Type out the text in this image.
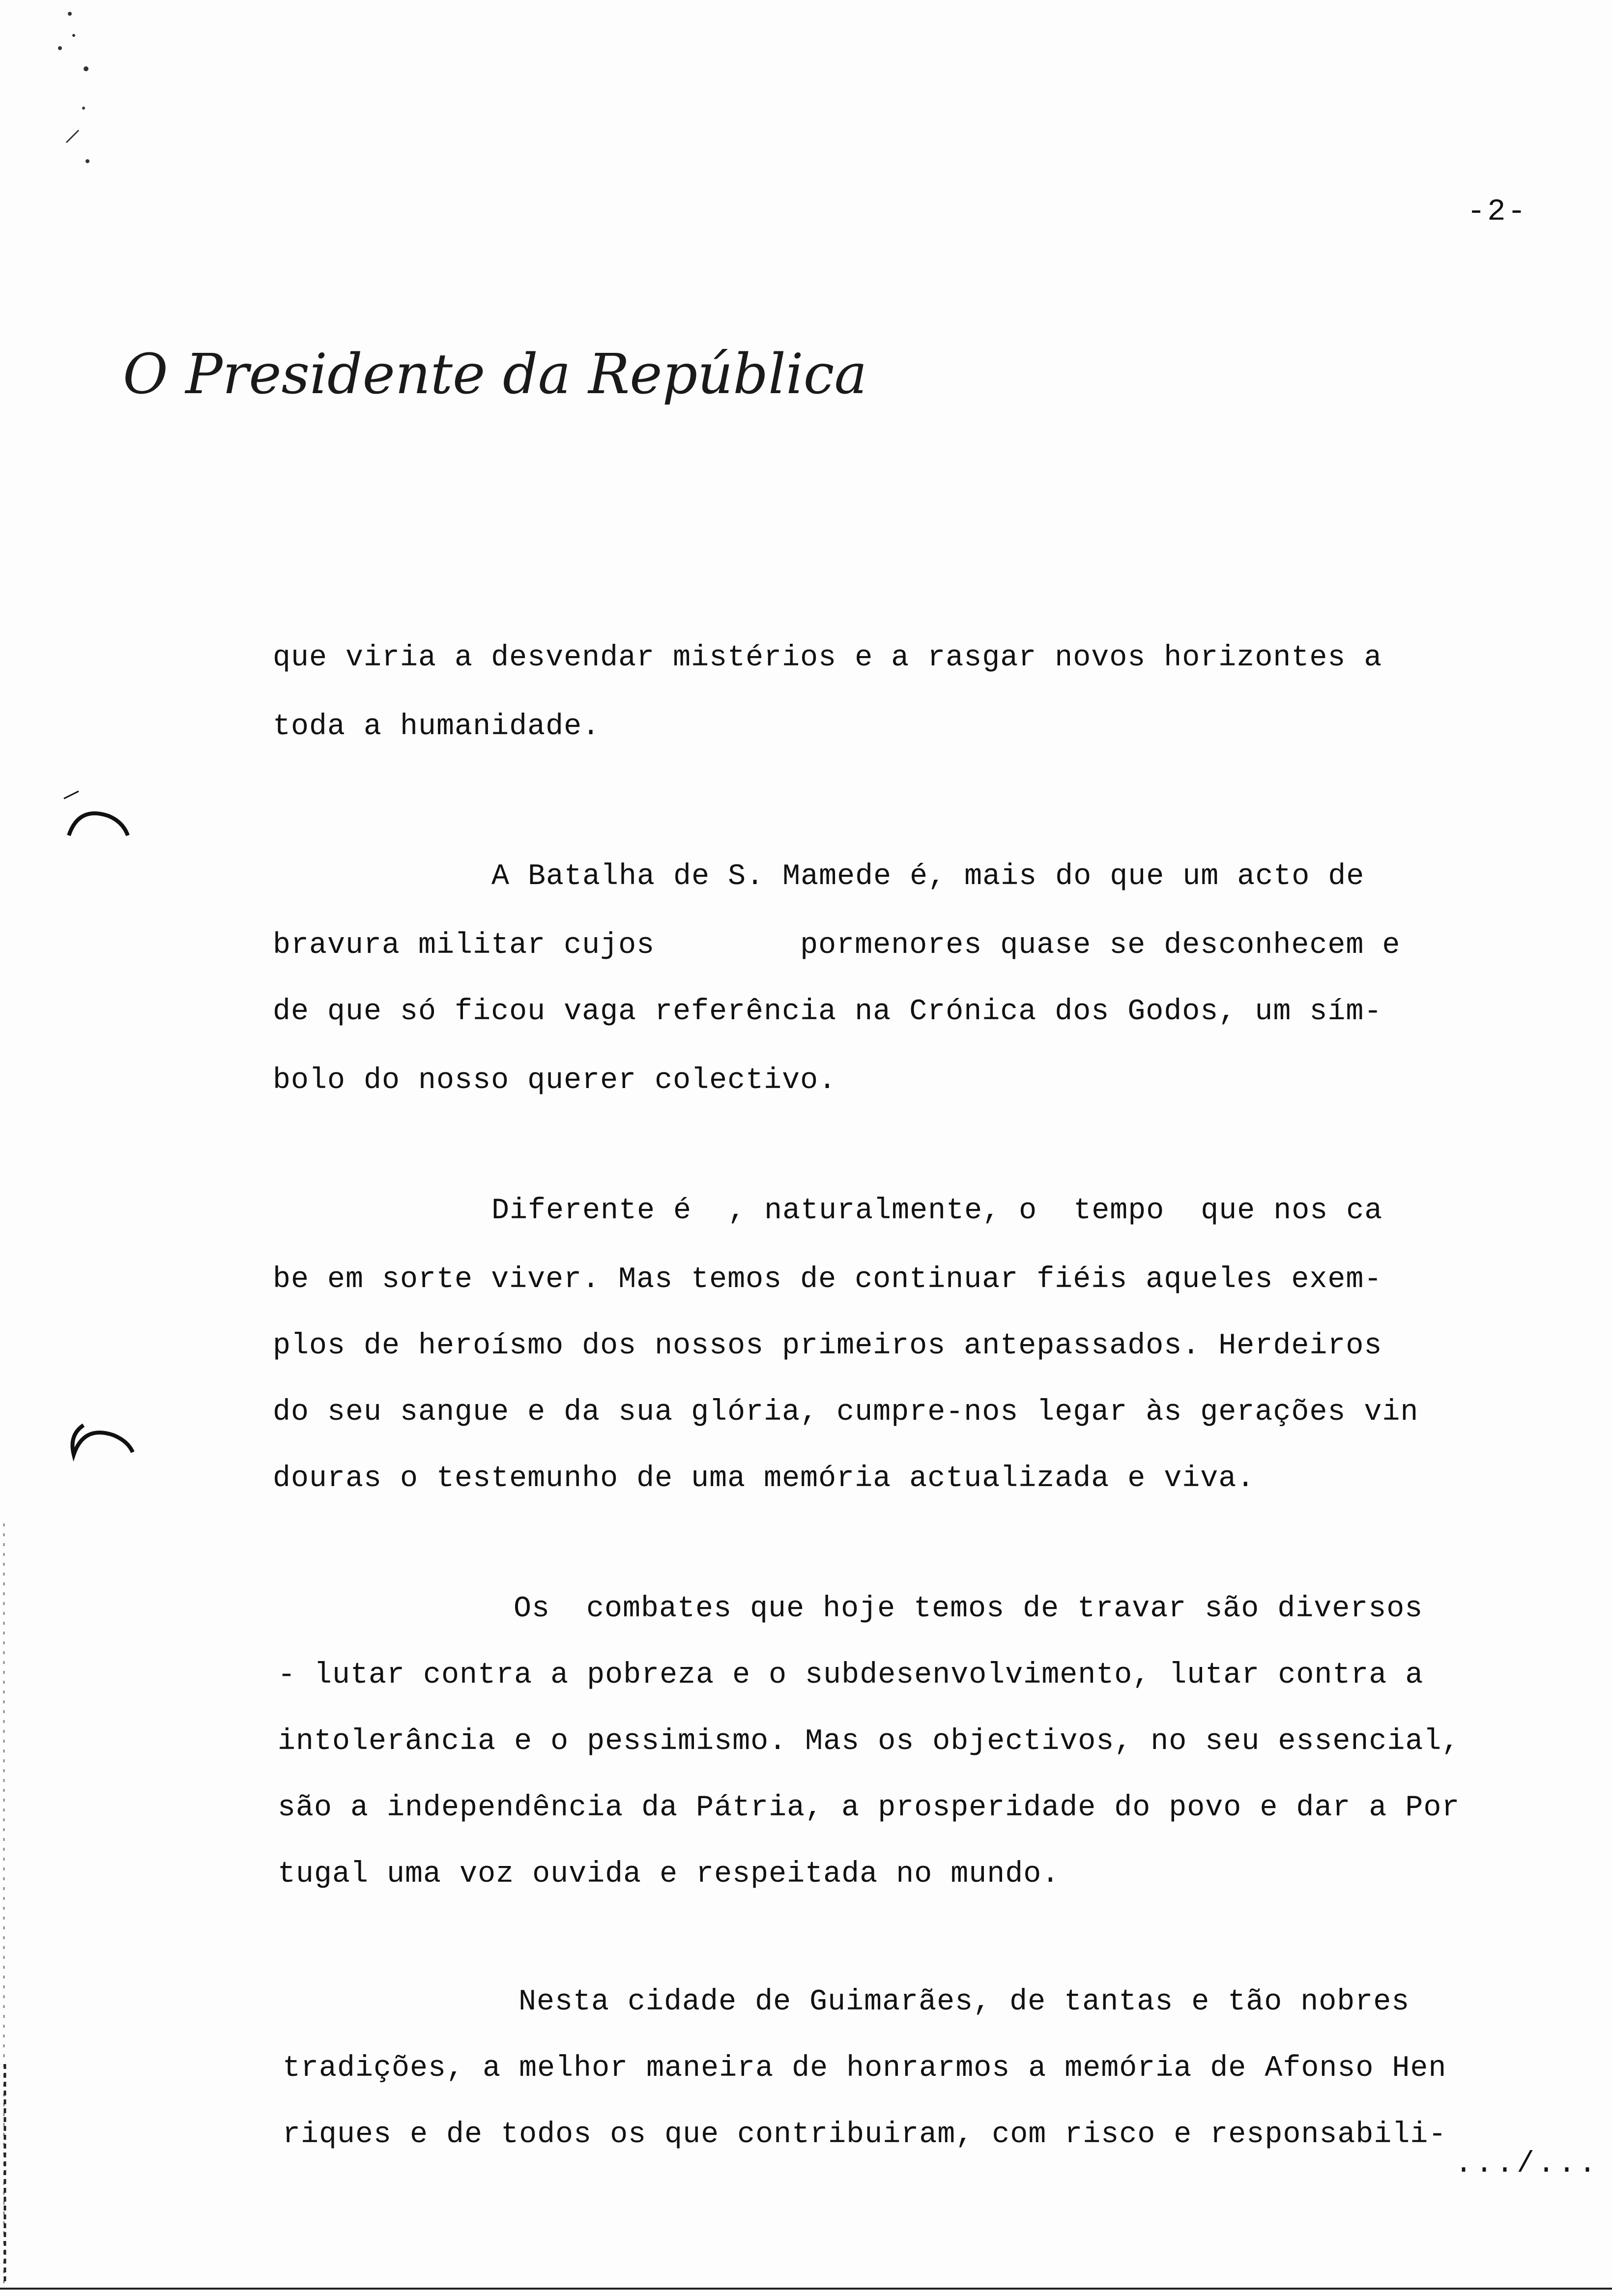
-2-
O Presidente da República
que viria a desvendar mistérios e a rasgar novos horizontes a
toda a humanidade.
A Batalha de S. Mamede é, mais do que um acto de
bravura militar cujos        pormenores quase se desconhecem e
de que só ficou vaga referência na Crónica dos Godos, um sím-
bolo do nosso querer colectivo.
Diferente é  , naturalmente, o  tempo  que nos ca
be em sorte viver. Mas temos de continuar fiéis aqueles exem-
plos de heroísmo dos nossos primeiros antepassados. Herdeiros
do seu sangue e da sua glória, cumpre-nos legar às gerações vin
douras o testemunho de uma memória actualizada e viva.
Os  combates que hoje temos de travar são diversos
- lutar contra a pobreza e o subdesenvolvimento, lutar contra a
intolerância e o pessimismo. Mas os objectivos, no seu essencial,
são a independência da Pátria, a prosperidade do povo e dar a Por
tugal uma voz ouvida e respeitada no mundo.
Nesta cidade de Guimarães, de tantas e tão nobres
tradições, a melhor maneira de honrarmos a memória de Afonso Hen
riques e de todos os que contribuiram, com risco e responsabili-
.../...
